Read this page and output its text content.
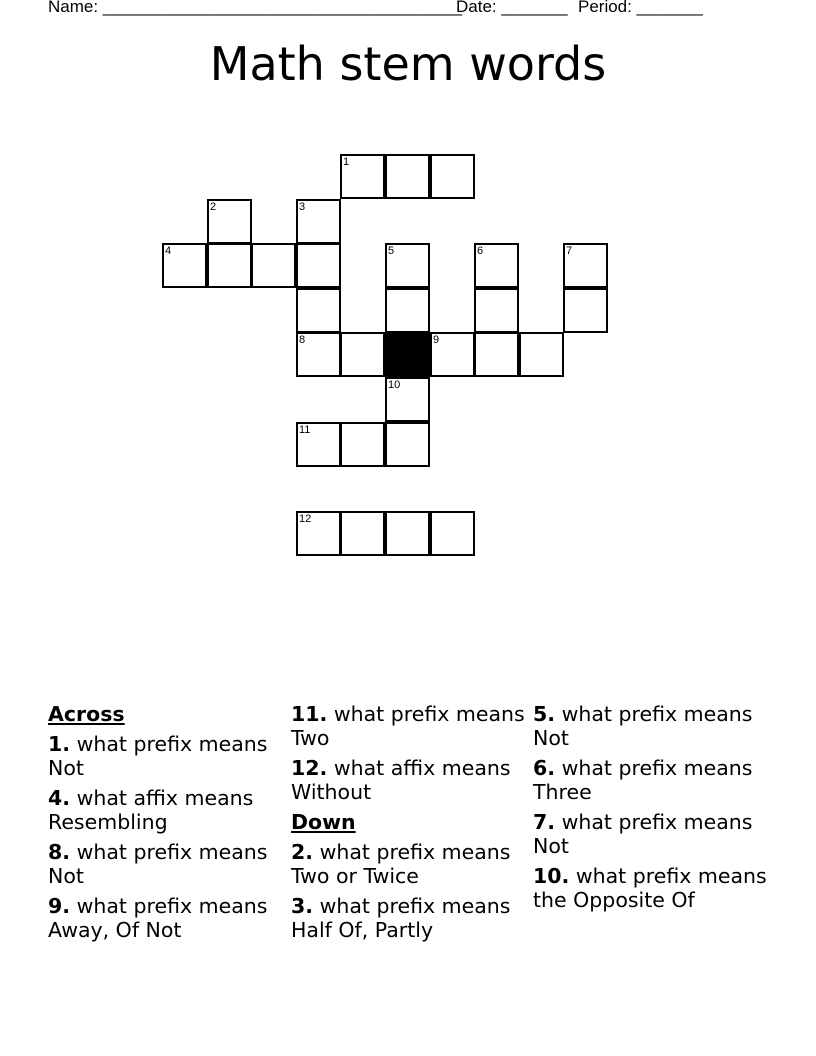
Name: ______________________________________Date: _______ Period: _______
Math stem words
1
2	3
4	5	6	7
8	9
10
11
12
Across
1. what prefix means Not
4. what affix means Resembling
8. what prefix means Not
9. what prefix means Away, Of Not
11. what prefix means Two
12. what affix means Without
Down
2. what prefix means Two or Twice
3. what prefix means Half Of, Partly
5. what prefix means Not
6. what prefix means Three
7. what prefix means Not
10. what prefix means the Opposite Of
